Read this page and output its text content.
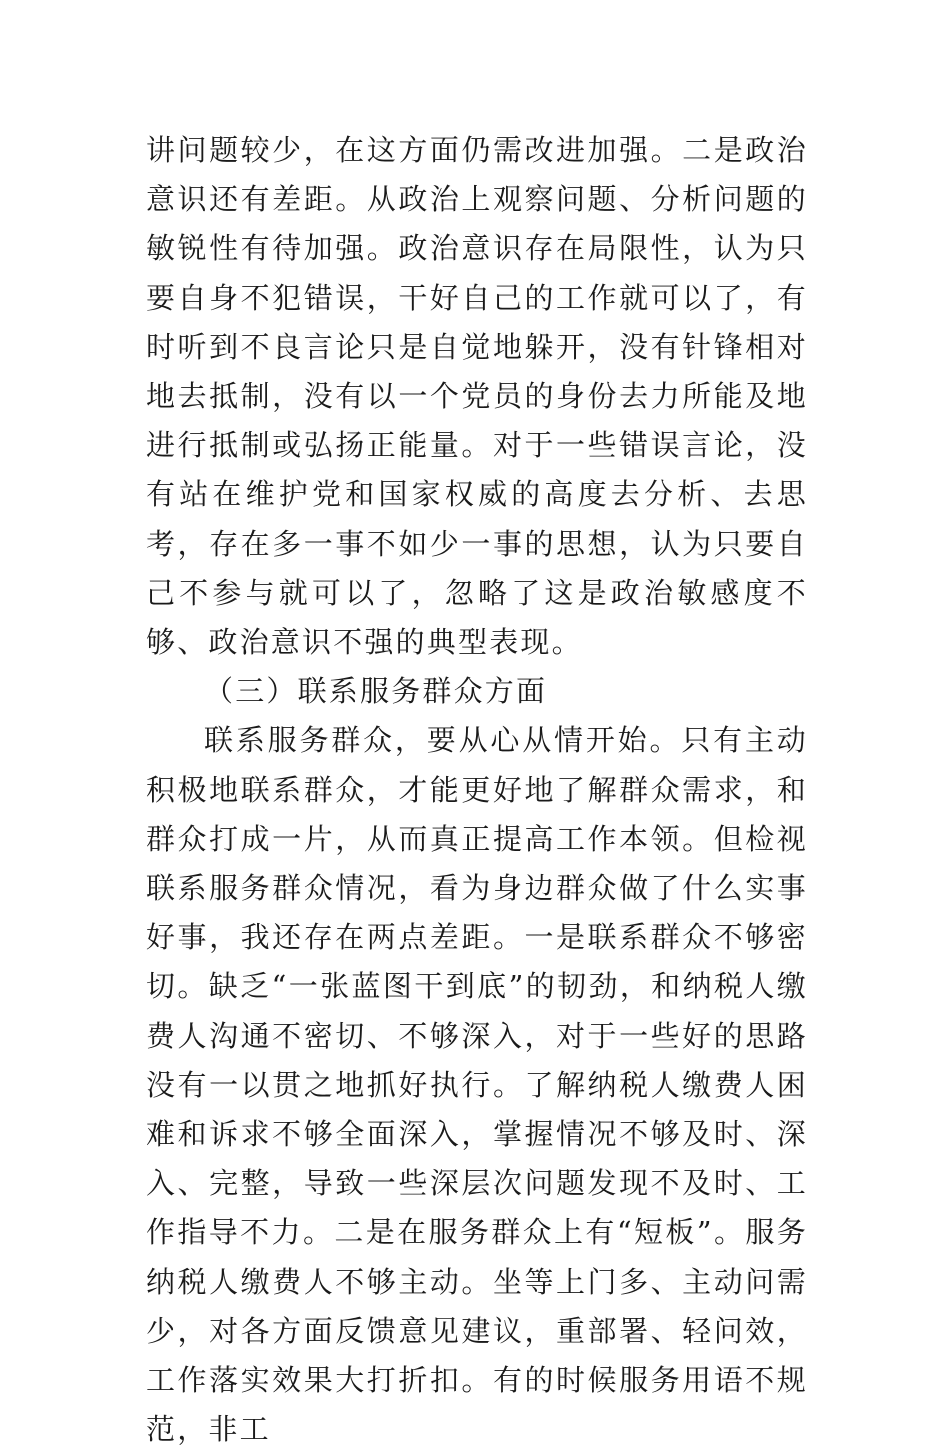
讲问题较少，在这方面仍需改进加强。二是政治意识还有差距。从政治上观察问题、分析问题的敏锐性有待加强。政治意识存在局限性，认为只要自身不犯错误，干好自己的工作就可以了，有时听到不良言论只是自觉地躲开，没有针锋相对地去抵制，没有以一个党员的身份去力所能及地进行抵制或弘扬正能量。对于一些错误言论，没有站在维护党和国家权威的高度去分析、去思考，存在多一事不如少一事的思想，认为只要自己不参与就可以了，忽略了这是政治敏感度不够、政治意识不强的典型表现。

（三）联系服务群众方面

联系服务群众，要从心从情开始。只有主动积极地联系群众，才能更好地了解群众需求，和群众打成一片，从而真正提高工作本领。但检视联系服务群众情况，看为身边群众做了什么实事好事，我还存在两点差距。一是联系群众不够密切。缺乏“一张蓝图干到底”的韧劲，和纳税人缴费人沟通不密切、不够深入，对于一些好的思路没有一以贯之地抓好执行。了解纳税人缴费人困难和诉求不够全面深入，掌握情况不够及时、深入、完整，导致一些深层次问题发现不及时、工作指导不力。二是在服务群众上有“短板”。服务纳税人缴费人不够主动。坐等上门多、主动问需少，对各方面反馈意见建议，重部署、轻问效，工作落实效果大打折扣。有的时候服务用语不规范，非工
